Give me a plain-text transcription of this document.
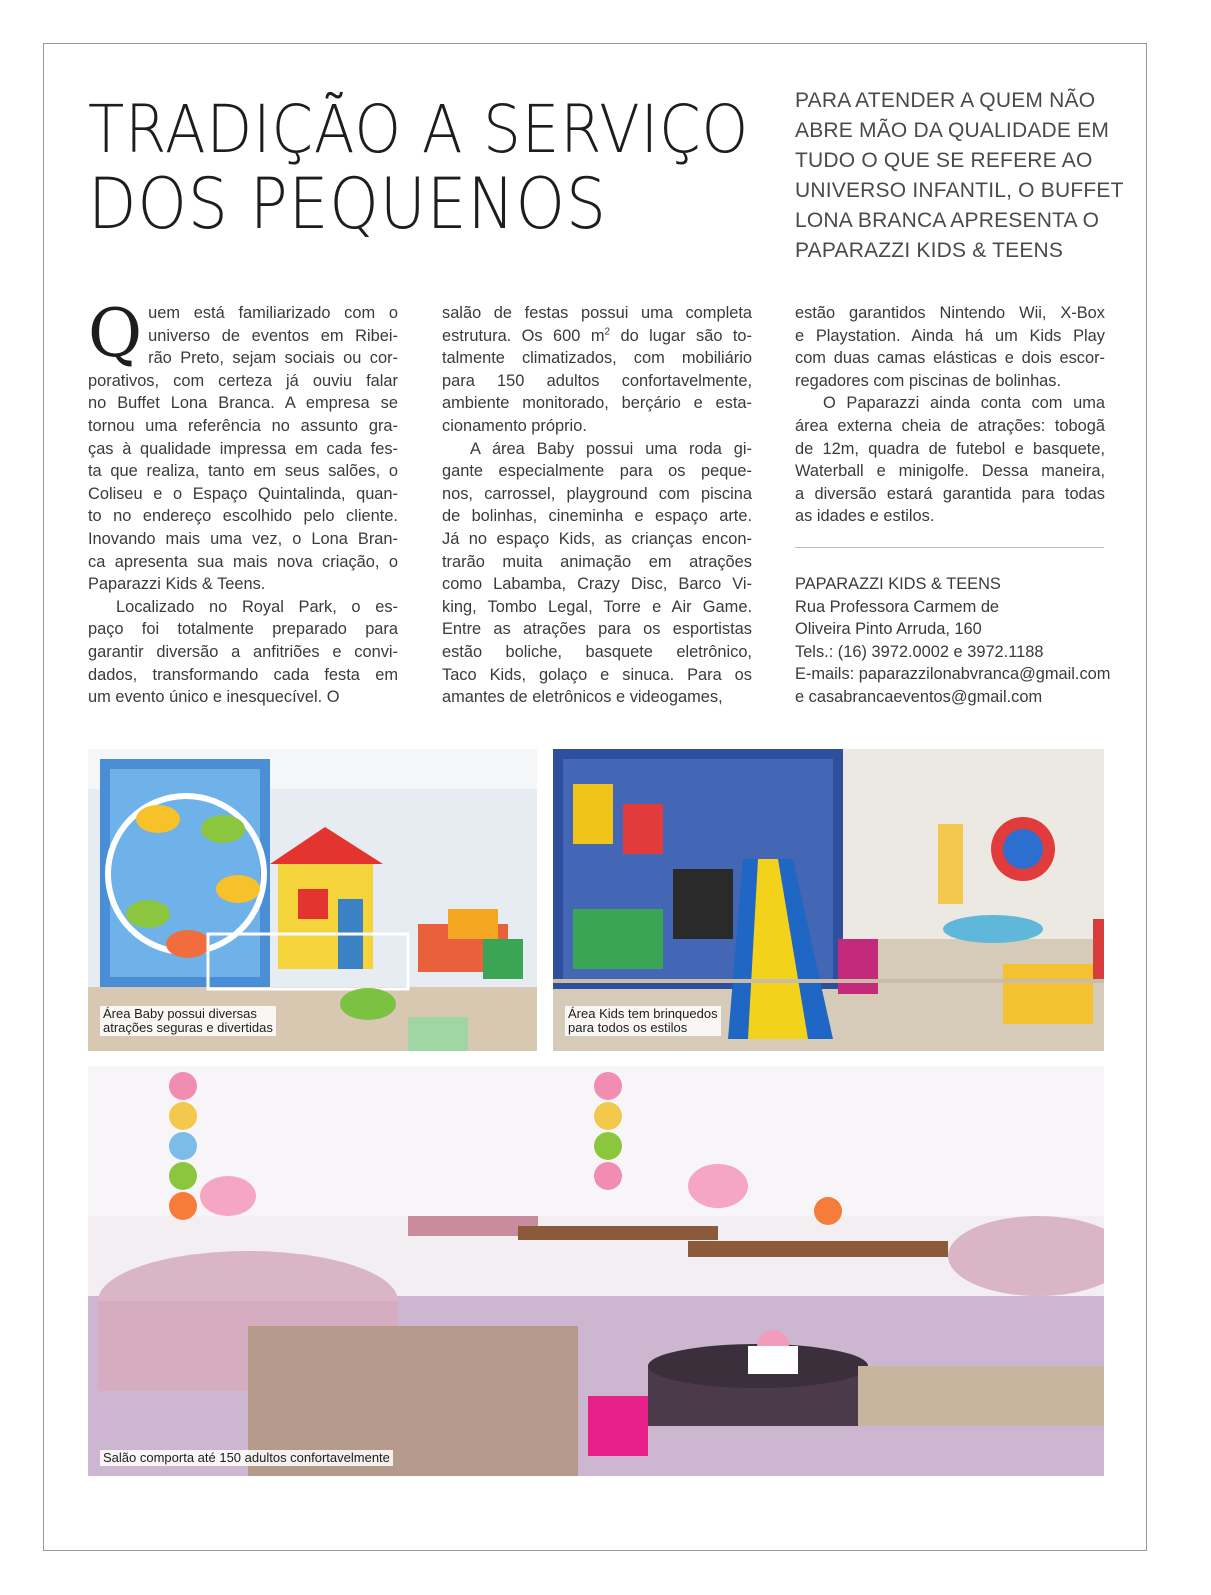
TRADIÇÃO A SERVIÇO
DOS PEQUENOS
PARA ATENDER A QUEM NÃO
ABRE MÃO DA QUALIDADE EM
TUDO O QUE SE REFERE AO
UNIVERSO INFANTIL, O BUFFET
LONA BRANCA APRESENTA O
PAPARAZZI KIDS & TEENS

Q uem está familiarizado com o
universo de eventos em Ribei-
rão Preto, sejam sociais ou cor-
porativos, com certeza já ouviu falar
no Buffet Lona Branca. A empresa se
tornou uma referência no assunto gra-
ças à qualidade impressa em cada fes-
ta que realiza, tanto em seus salões, o
Coliseu e o Espaço Quintalinda, quan-
to no endereço escolhido pelo cliente.
Inovando mais uma vez, o Lona Bran-
ca apresenta sua mais nova criação, o
Paparazzi Kids & Teens.

Localizado no Royal Park, o es-
paço foi totalmente preparado para
garantir diversão a anfitriões e convi-
dados, transformando cada festa em
um evento único e inesquecível. O

salão de festas possui uma completa
estrutura. Os 600 $m^2$ do lugar são to-
talmente climatizados, com mobiliário
para 150 adultos confortavelmente,
ambiente monitorado, berçário e esta-
cionamento próprio.

A área Baby possui uma roda gi-
gante especialmente para os peque-
nos, carrossel, playground com piscina
de bolinhas, cineminha e espaço arte.
Já no espaço Kids, as crianças encon-
trarão muita animação em atrações
como Labamba, Crazy Disc, Barco Vi-
king, Tombo Legal, Torre e Air Game.
Entre as atrações para os esportistas
estão boliche, basquete eletrônico,
Taco Kids, golaço e sinuca. Para os
amantes de eletrônicos e videogames,

estão garantidos Nintendo Wii, X-Box
e Playstation. Ainda há um Kids Play
com duas camas elásticas e dois escor-
regadores com piscinas de bolinhas.

O Paparazzi ainda conta com uma
área externa cheia de atrações: tobogã
de 12m, quadra de futebol e basquete,
Waterball e minigolfe. Dessa maneira,
a diversão estará garantida para todas
as idades e estilos.

PAPARAZZI KIDS & TEENS
Rua Professora Carmem de
Oliveira Pinto Arruda, 160
Tels.: (16) 3972.0002 e 3972.1188
E-mails: paparazzilonabvranca@gmail.com
e casabrancaeventos@gmail.com
Área Baby possui diversas
atrações seguras e divertidas
Área Kids tem brinquedos
para todos os estilos
Salão comporta até 150 adultos confortavelmente
